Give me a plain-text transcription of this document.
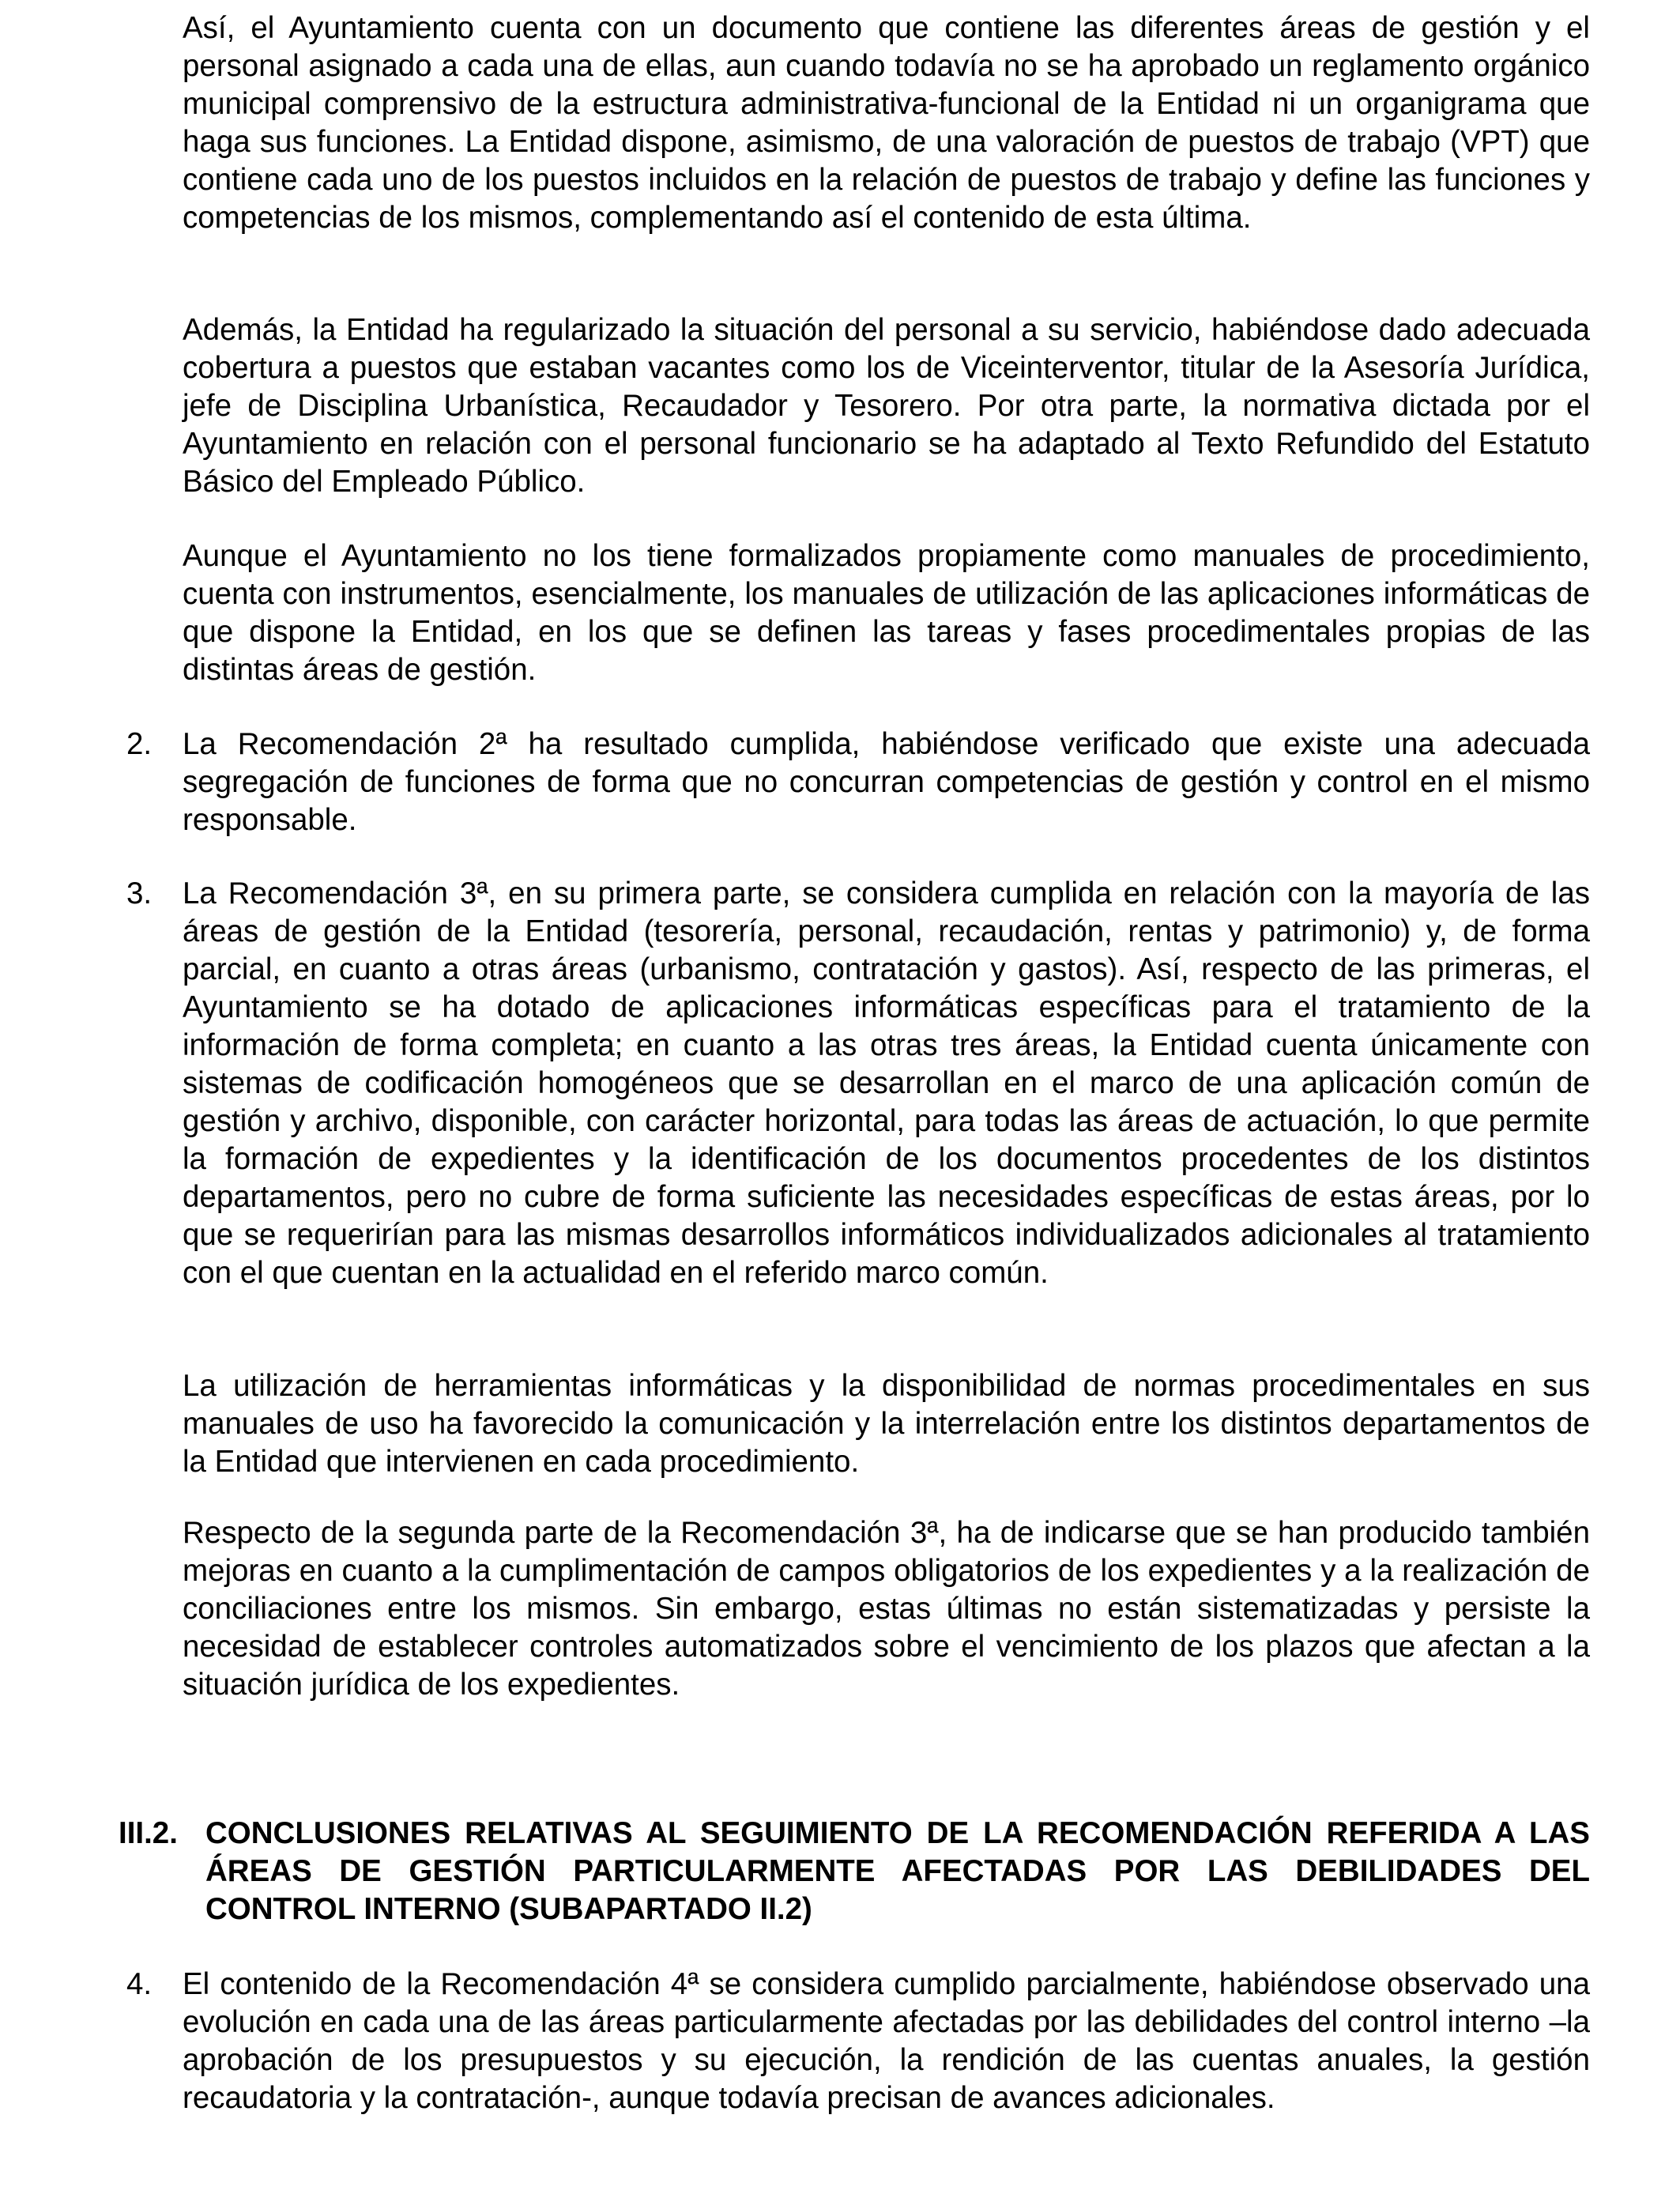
Así, el Ayuntamiento cuenta con un documento que contiene las diferentes áreas de gestión y el personal asignado a cada una de ellas, aun cuando todavía no se ha aprobado un reglamento orgánico municipal comprensivo de la estructura administrativa-funcional de la Entidad ni un organigrama que haga sus funciones. La Entidad dispone, asimismo, de una valoración de puestos de trabajo (VPT) que contiene cada uno de los puestos incluidos en la relación de puestos de trabajo y define las funciones y competencias de los mismos, complementando así el contenido de esta última.

Además, la Entidad ha regularizado la situación del personal a su servicio, habiéndose dado adecuada cobertura a puestos que estaban vacantes como los de Viceinterventor, titular de la Asesoría Jurídica, jefe de Disciplina Urbanística, Recaudador y Tesorero. Por otra parte, la normativa dictada por el Ayuntamiento en relación con el personal funcionario se ha adaptado al Texto Refundido del Estatuto Básico del Empleado Público.

Aunque el Ayuntamiento no los tiene formalizados propiamente como manuales de procedimiento, cuenta con instrumentos, esencialmente, los manuales de utilización de las aplicaciones informáticas de que dispone la Entidad, en los que se definen las tareas y fases procedimentales propias de las distintas áreas de gestión.

2. La Recomendación 2ª ha resultado cumplida, habiéndose verificado que existe una adecuada segregación de funciones de forma que no concurran competencias de gestión y control en el mismo responsable.

3. La Recomendación 3ª, en su primera parte, se considera cumplida en relación con la mayoría de las áreas de gestión de la Entidad (tesorería, personal, recaudación, rentas y patrimonio) y, de forma parcial, en cuanto a otras áreas (urbanismo, contratación y gastos). Así, respecto de las primeras, el Ayuntamiento se ha dotado de aplicaciones informáticas específicas para el tratamiento de la información de forma completa; en cuanto a las otras tres áreas, la Entidad cuenta únicamente con sistemas de codificación homogéneos que se desarrollan en el marco de una aplicación común de gestión y archivo, disponible, con carácter horizontal, para todas las áreas de actuación, lo que permite la formación de expedientes y la identificación de los documentos procedentes de los distintos departamentos, pero no cubre de forma suficiente las necesidades específicas de estas áreas, por lo que se requerirían para las mismas desarrollos informáticos individualizados adicionales al tratamiento con el que cuentan en la actualidad en el referido marco común.

La utilización de herramientas informáticas y la disponibilidad de normas procedimentales en sus manuales de uso ha favorecido la comunicación y la interrelación entre los distintos departamentos de la Entidad que intervienen en cada procedimiento.

Respecto de la segunda parte de la Recomendación 3ª, ha de indicarse que se han producido también mejoras en cuanto a la cumplimentación de campos obligatorios de los expedientes y a la realización de conciliaciones entre los mismos. Sin embargo, estas últimas no están sistematizadas y persiste la necesidad de establecer controles automatizados sobre el vencimiento de los plazos que afectan a la situación jurídica de los expedientes.

III.2. CONCLUSIONES RELATIVAS AL SEGUIMIENTO DE LA RECOMENDACIÓN REFERIDA A LAS ÁREAS DE GESTIÓN PARTICULARMENTE AFECTADAS POR LAS DEBILIDADES DEL CONTROL INTERNO (SUBAPARTADO II.2)

4. El contenido de la Recomendación 4ª se considera cumplido parcialmente, habiéndose observado una evolución en cada una de las áreas particularmente afectadas por las debilidades del control interno –la aprobación de los presupuestos y su ejecución, la rendición de las cuentas anuales, la gestión recaudatoria y la contratación-, aunque todavía precisan de avances adicionales.
